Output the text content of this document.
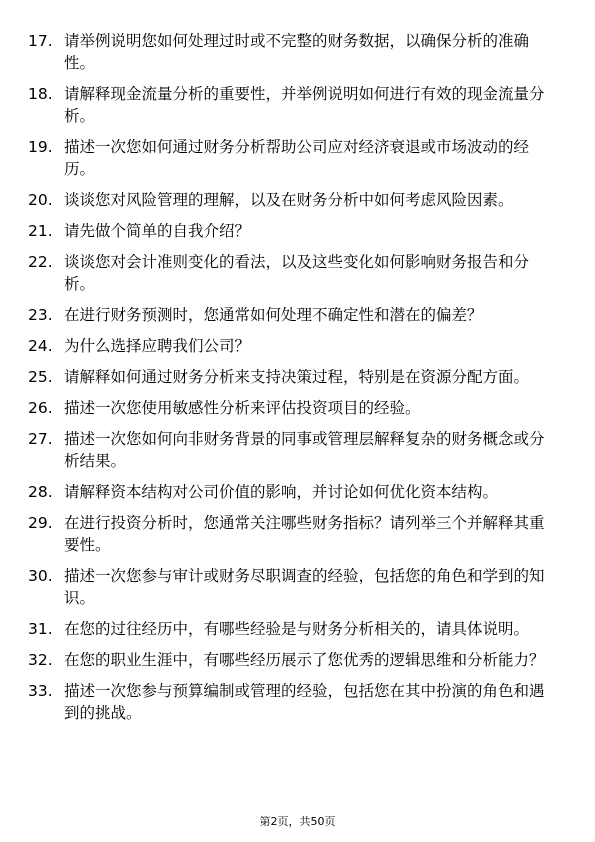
17. 请举例说明您如何处理过时或不完整的财务数据，以确保分析的准确性。
18. 请解释现金流量分析的重要性，并举例说明如何进行有效的现金流量分析。
19. 描述一次您如何通过财务分析帮助公司应对经济衰退或市场波动的经历。
20. 谈谈您对风险管理的理解，以及在财务分析中如何考虑风险因素。
21. 请先做个简单的自我介绍？
22. 谈谈您对会计准则变化的看法，以及这些变化如何影响财务报告和分析。
23. 在进行财务预测时，您通常如何处理不确定性和潜在的偏差？
24. 为什么选择应聘我们公司？
25. 请解释如何通过财务分析来支持决策过程，特别是在资源分配方面。
26. 描述一次您使用敏感性分析来评估投资项目的经验。
27. 描述一次您如何向非财务背景的同事或管理层解释复杂的财务概念或分析结果。
28. 请解释资本结构对公司价值的影响，并讨论如何优化资本结构。
29. 在进行投资分析时，您通常关注哪些财务指标？请列举三个并解释其重要性。
30. 描述一次您参与审计或财务尽职调查的经验，包括您的角色和学到的知识。
31. 在您的过往经历中，有哪些经验是与财务分析相关的，请具体说明。
32. 在您的职业生涯中，有哪些经历展示了您优秀的逻辑思维和分析能力？
33. 描述一次您参与预算编制或管理的经验，包括您在其中扮演的角色和遇到的挑战。
第2页，共50页
